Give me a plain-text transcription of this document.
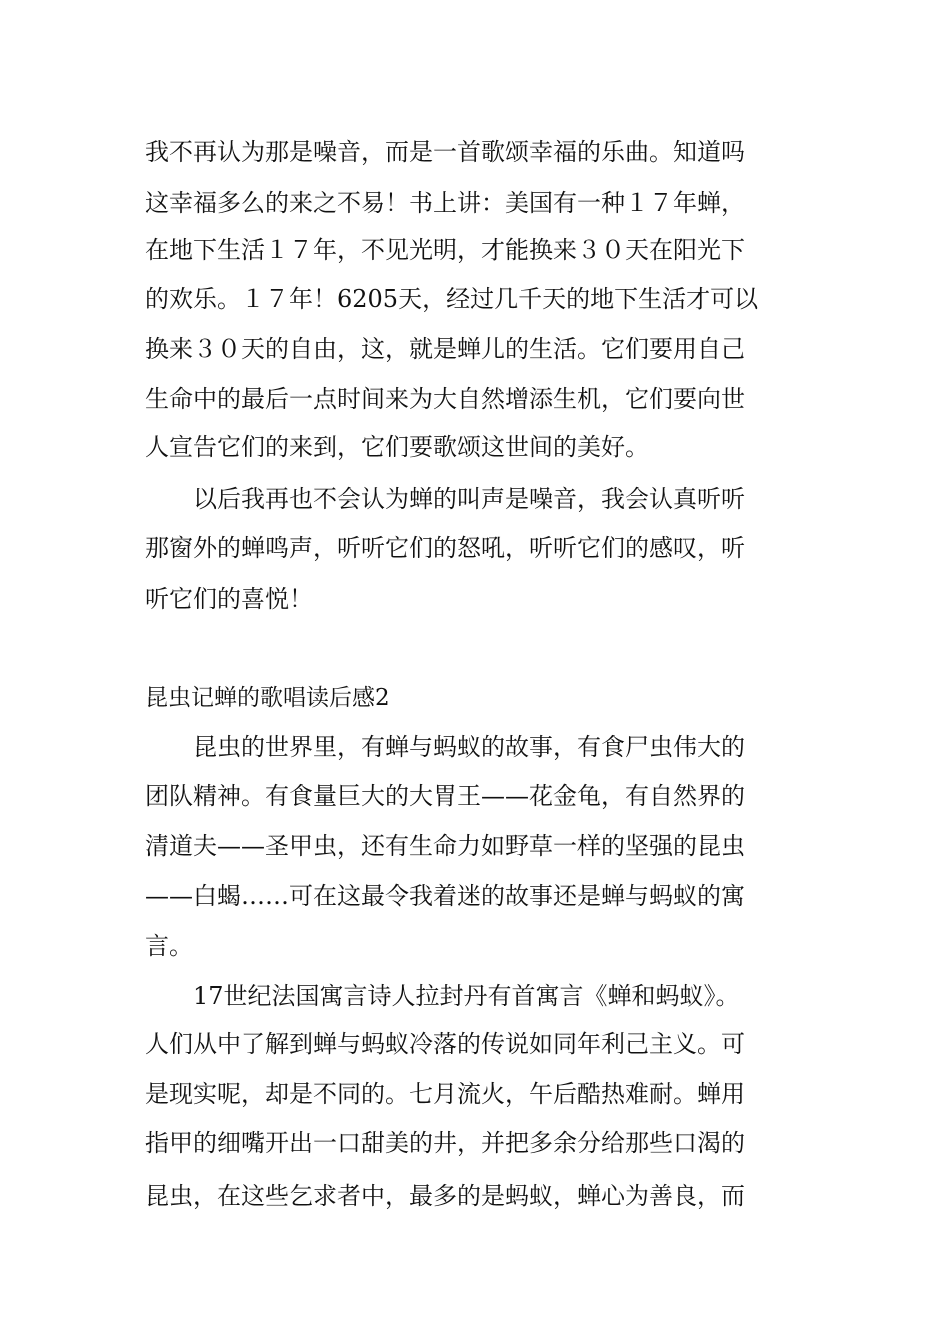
我不再认为那是噪音，而是一首歌颂幸福的乐曲。知道吗
这幸福多么的来之不易！书上讲：美国有一种１７年蝉，
在地下生活１７年，不见光明，才能换来３０天在阳光下
的欢乐。１７年！6205天，经过几千天的地下生活才可以
换来３０天的自由，这，就是蝉儿的生活。它们要用自己
生命中的最后一点时间来为大自然增添生机，它们要向世
人宣告它们的来到，它们要歌颂这世间的美好。
　　以后我再也不会认为蝉的叫声是噪音，我会认真听听
那窗外的蝉鸣声，听听它们的怒吼，听听它们的感叹，听
听它们的喜悦！
昆虫记蝉的歌唱读后感2
　　昆虫的世界里，有蝉与蚂蚁的故事，有食尸虫伟大的
团队精神。有食量巨大的大胃王——花金龟，有自然界的
清道夫——圣甲虫，还有生命力如野草一样的坚强的昆虫
——白蝎……可在这最令我着迷的故事还是蝉与蚂蚁的寓
言。
　　17世纪法国寓言诗人拉封丹有首寓言《蝉和蚂蚁》。
人们从中了解到蝉与蚂蚁冷落的传说如同年利己主义。可
是现实呢，却是不同的。七月流火，午后酷热难耐。蝉用
指甲的细嘴开出一口甜美的井，并把多余分给那些口渴的
昆虫，在这些乞求者中，最多的是蚂蚁，蝉心为善良，而
